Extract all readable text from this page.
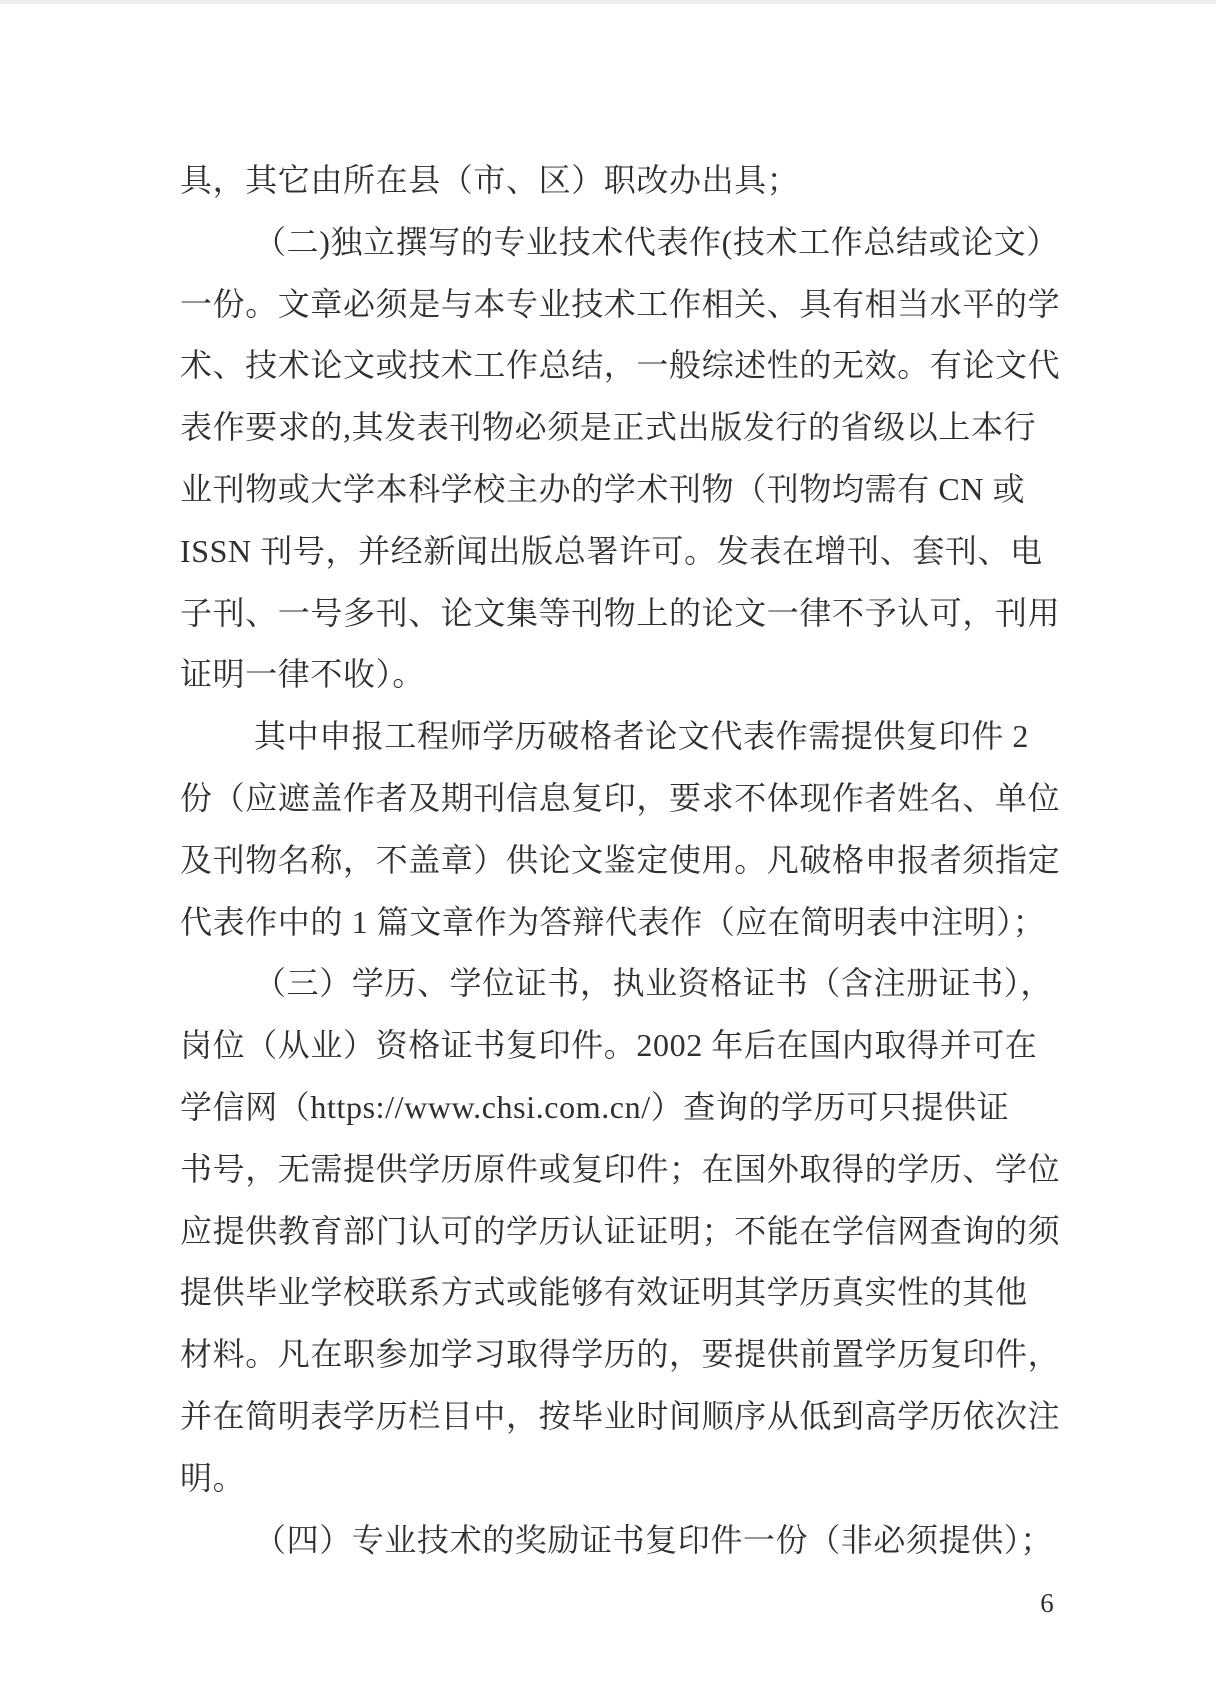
具，其它由所在县（市、区）职改办出具；
（二)独立撰写的专业技术代表作(技术工作总结或论文）
一份。文章必须是与本专业技术工作相关、具有相当水平的学
术、技术论文或技术工作总结，一般综述性的无效。有论文代
表作要求的,其发表刊物必须是正式出版发行的省级以上本行
业刊物或大学本科学校主办的学术刊物（刊物均需有 CN 或
ISSN 刊号，并经新闻出版总署许可。发表在增刊、套刊、电
子刊、一号多刊、论文集等刊物上的论文一律不予认可，刊用
证明一律不收）。
其中申报工程师学历破格者论文代表作需提供复印件 2
份（应遮盖作者及期刊信息复印，要求不体现作者姓名、单位
及刊物名称，不盖章）供论文鉴定使用。凡破格申报者须指定
代表作中的 1 篇文章作为答辩代表作（应在简明表中注明）；
（三）学历、学位证书，执业资格证书（含注册证书），
岗位（从业）资格证书复印件。2002 年后在国内取得并可在
学信网（https://www.chsi.com.cn/）查询的学历可只提供证
书号，无需提供学历原件或复印件；在国外取得的学历、学位
应提供教育部门认可的学历认证证明；不能在学信网查询的须
提供毕业学校联系方式或能够有效证明其学历真实性的其他
材料。凡在职参加学习取得学历的，要提供前置学历复印件，
并在简明表学历栏目中，按毕业时间顺序从低到高学历依次注
明。
（四）专业技术的奖励证书复印件一份（非必须提供）；
6
